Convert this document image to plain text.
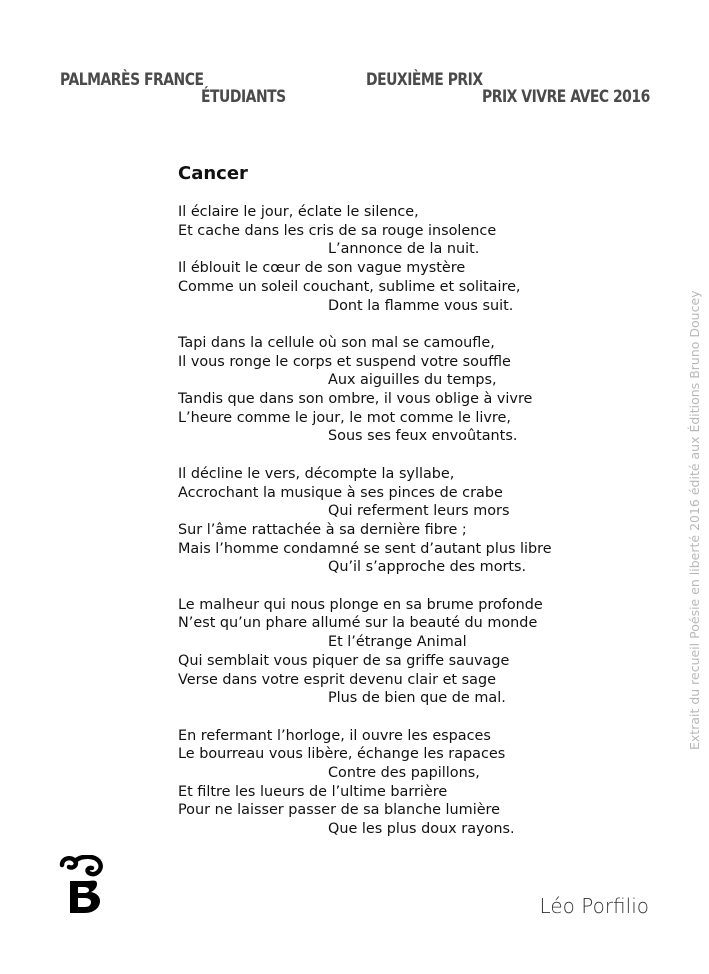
PALMARÈS FRANCE
ÉTUDIANTS
DEUXIÈME PRIX
PRIX VIVRE AVEC 2016
Cancer
Il éclaire le jour, éclate le silence,
Et cache dans les cris de sa rouge insolence
L’annonce de la nuit.
Il éblouit le cœur de son vague mystère
Comme un soleil couchant, sublime et solitaire,
Dont la flamme vous suit.
Tapi dans la cellule où son mal se camoufle,
Il vous ronge le corps et suspend votre souffle
Aux aiguilles du temps,
Tandis que dans son ombre, il vous oblige à vivre
L’heure comme le jour, le mot comme le livre,
Sous ses feux envoûtants.
Il décline le vers, décompte la syllabe,
Accrochant la musique à ses pinces de crabe
Qui referment leurs mors
Sur l’âme rattachée à sa dernière fibre ;
Mais l’homme condamné se sent d’autant plus libre
Qu’il s’approche des morts.
Le malheur qui nous plonge en sa brume profonde
N’est qu’un phare allumé sur la beauté du monde
Et l’étrange Animal
Qui semblait vous piquer de sa griffe sauvage
Verse dans votre esprit devenu clair et sage
Plus de bien que de mal.
En refermant l’horloge, il ouvre les espaces
Le bourreau vous libère, échange les rapaces
Contre des papillons,
Et filtre les lueurs de l’ultime barrière
Pour ne laisser passer de sa blanche lumière
Que les plus doux rayons.
Extrait du recueil Poésie en liberté 2016 édité aux Éditions Bruno Doucey
Léo Porfilio
